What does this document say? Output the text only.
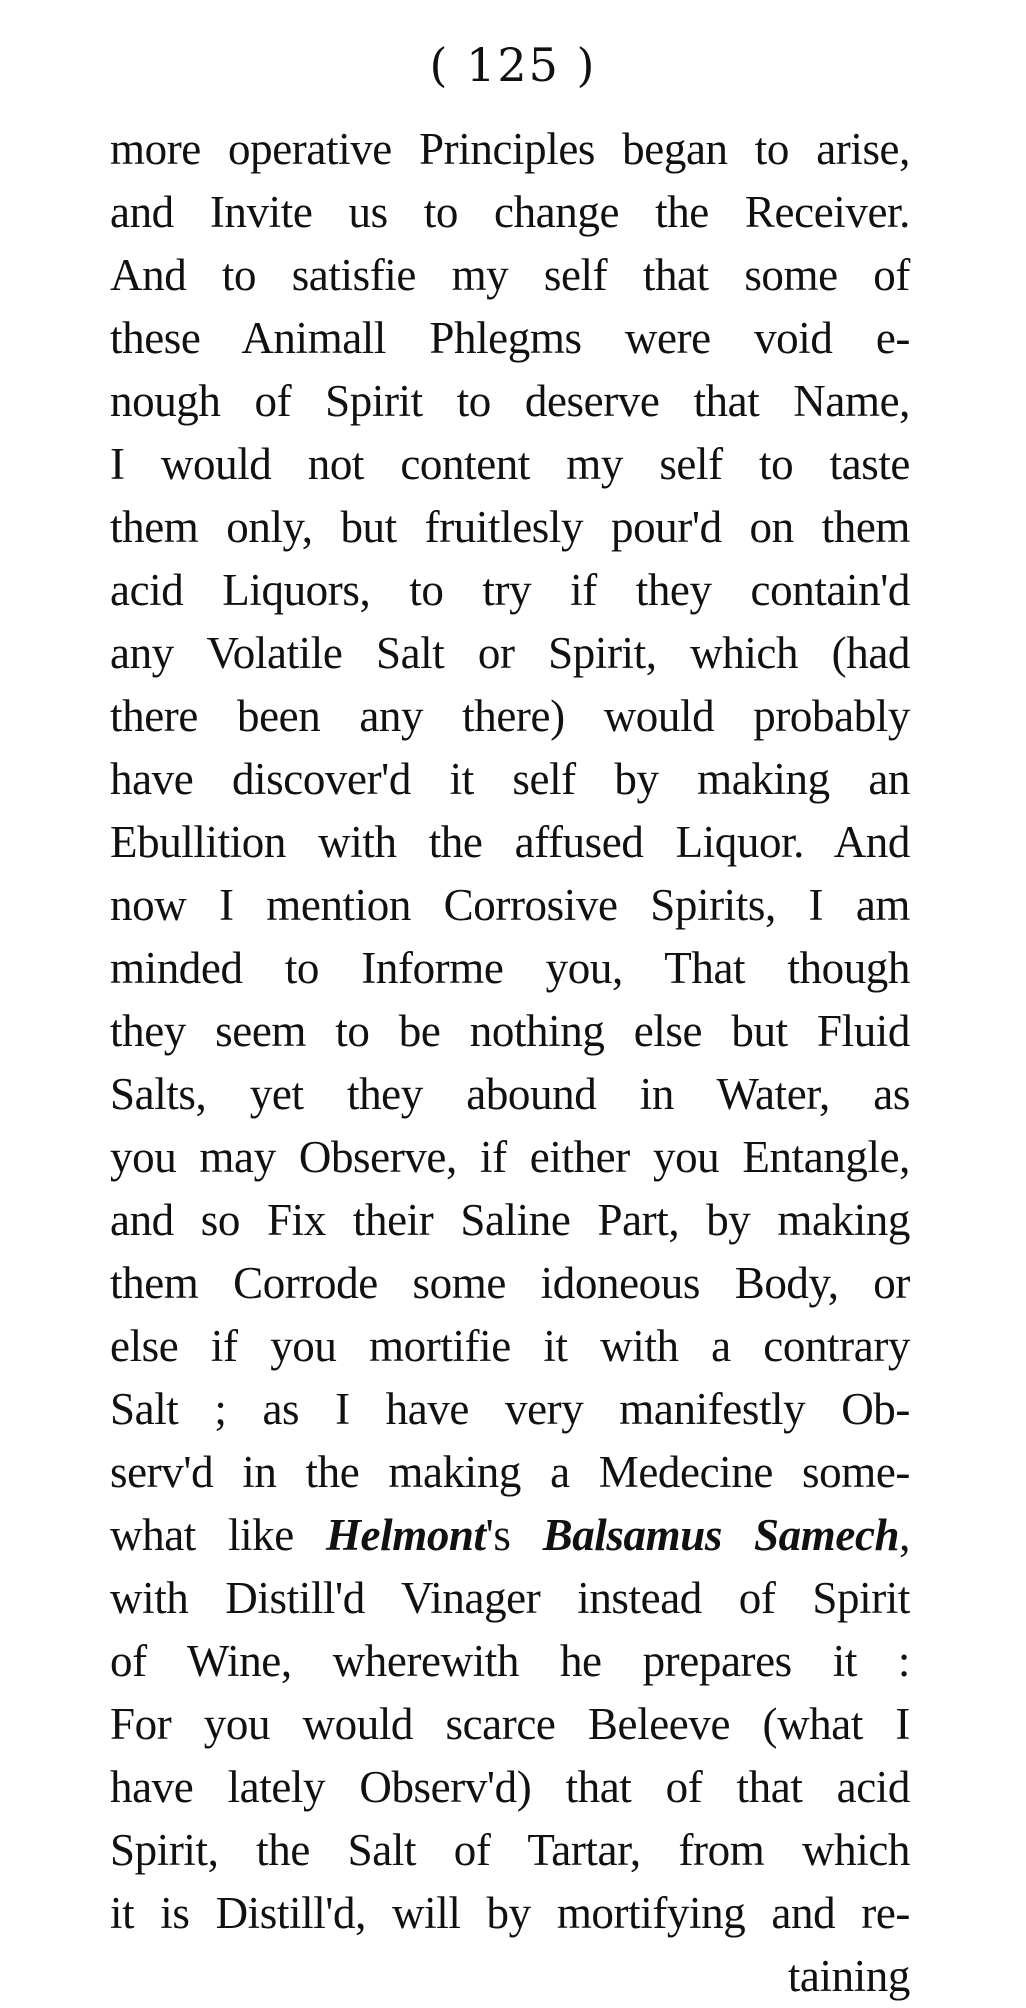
( 125 )
more operative Principles began to arise,
and Invite us to change the Receiver.
And to satisfie my self that some of
these Animall Phlegms were void e-
nough of Spirit to deserve that Name,
I would not content my self to taste
them only, but fruitlesly pour'd on them
acid Liquors, to try if they contain'd
any Volatile Salt or Spirit, which (had
there been any there) would probably
have discover'd it self by making an
Ebullition with the affused Liquor. And
now I mention Corrosive Spirits, I am
minded to Informe you, That though
they seem to be nothing else but Fluid
Salts, yet they abound in Water, as
you may Observe, if either you Entangle,
and so Fix their Saline Part, by making
them Corrode some idoneous Body, or
else if you mortifie it with a contrary
Salt ; as I have very manifestly Ob-
serv'd in the making a Medecine some-
what like Helmont's Balsamus Samech,
with Distill'd Vinager instead of Spirit
of Wine, wherewith he prepares it :
For you would scarce Beleeve (what I
have lately Observ'd) that of that acid
Spirit, the Salt of Tartar, from which
it is Distill'd, will by mortifying and re-
taining
